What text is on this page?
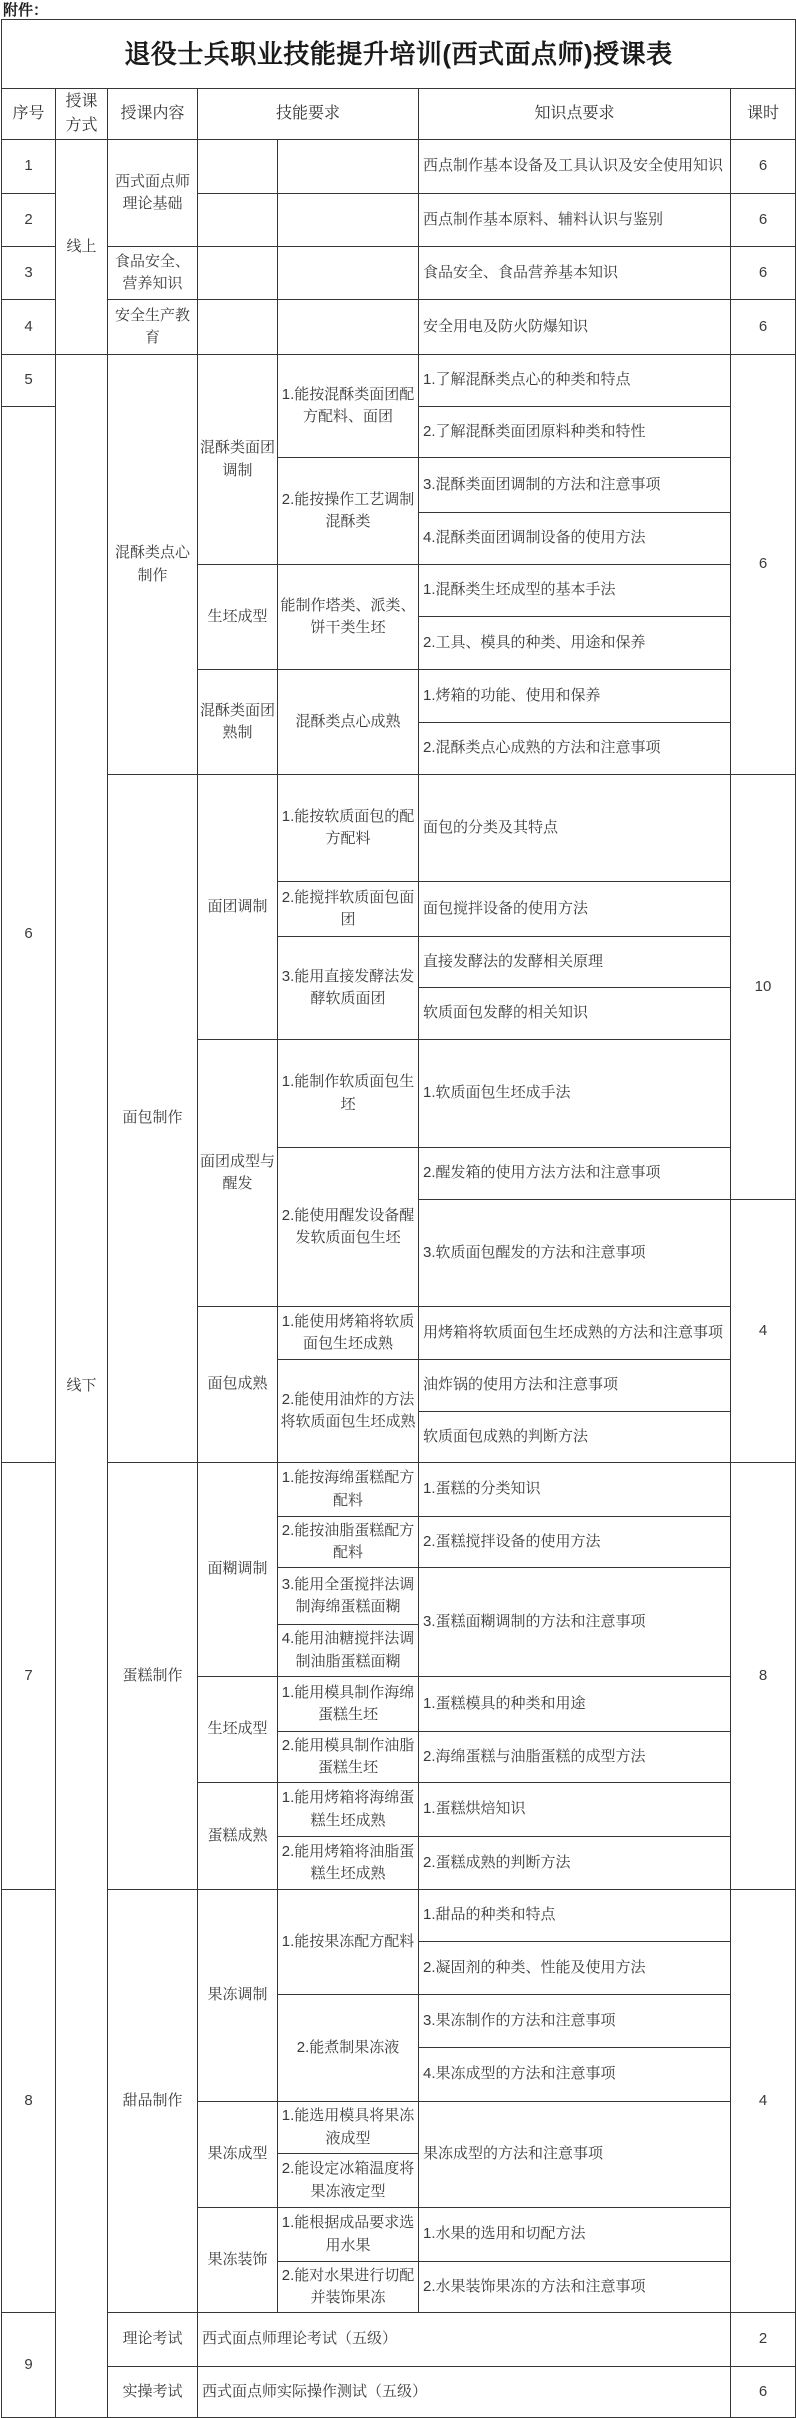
附件：
退役士兵职业技能提升培训(西式面点师)授课表						
序号	授课方式	授课内容	技能要求		知识点要求	课时
1	线上	西式面点师理论基础			西点制作基本设备及工具认识及安全使用知识	6
2					西点制作基本原料、辅料认识与鉴别	6
3		食品安全、营养知识			食品安全、食品营养基本知识	6
4		安全生产教育			安全用电及防火防爆知识	6
5	线下	混酥类点心制作	混酥类面团调制	1.能按混酥类面团配方配料、面团	1.了解混酥类点心的种类和特点	6
6					2.了解混酥类面团原料种类和特性	
				2.能按操作工艺调制混酥类	3.混酥类面团调制的方法和注意事项	
					4.混酥类面团调制设备的使用方法	
			生坯成型	能制作塔类、派类、饼干类生坯	1.混酥类生坯成型的基本手法	
					2.工具、模具的种类、用途和保养	
			混酥类面团熟制	混酥类点心成熟	1.烤箱的功能、使用和保养	
					2.混酥类点心成熟的方法和注意事项	
		面包制作	面团调制	1.能按软质面包的配方配料	面包的分类及其特点	10
				2.能搅拌软质面包面团	面包搅拌设备的使用方法	
				3.能用直接发酵法发酵软质面团	直接发酵法的发酵相关原理	
					软质面包发酵的相关知识	
			面团成型与醒发	1.能制作软质面包生坯	1.软质面包生坯成手法	
				2.能使用醒发设备醒发软质面包生坯	2.醒发箱的使用方法方法和注意事项	
					3.软质面包醒发的方法和注意事项	4
			面包成熟	1.能使用烤箱将软质面包生坯成熟	用烤箱将软质面包生坯成熟的方法和注意事项	
				2.能使用油炸的方法将软质面包生坯成熟	油炸锅的使用方法和注意事项	
					软质面包成熟的判断方法	
7		蛋糕制作	面糊调制	1.能按海绵蛋糕配方配料	1.蛋糕的分类知识	8
				2.能按油脂蛋糕配方配料	2.蛋糕搅拌设备的使用方法	
				3.能用全蛋搅拌法调制海绵蛋糕面糊	3.蛋糕面糊调制的方法和注意事项	
				4.能用油糖搅拌法调制油脂蛋糕面糊		
			生坯成型	1.能用模具制作海绵蛋糕生坯	1.蛋糕模具的种类和用途	
				2.能用模具制作油脂蛋糕生坯	2.海绵蛋糕与油脂蛋糕的成型方法	
			蛋糕成熟	1.能用烤箱将海绵蛋糕生坯成熟	1.蛋糕烘焙知识	
				2.能用烤箱将油脂蛋糕生坯成熟	2.蛋糕成熟的判断方法	
8		甜品制作	果冻调制	1.能按果冻配方配料	1.甜品的种类和特点	4
					2.凝固剂的种类、性能及使用方法	
				2.能煮制果冻液	3.果冻制作的方法和注意事项	
					4.果冻成型的方法和注意事项	
			果冻成型	1.能选用模具将果冻液成型	果冻成型的方法和注意事项	
				2.能设定冰箱温度将果冻液定型		
			果冻装饰	1.能根据成品要求选用水果	1.水果的选用和切配方法	
				2.能对水果进行切配并装饰果冻	2.水果装饰果冻的方法和注意事项	
9		理论考试	西式面点师理论考试（五级）			2
		实操考试	西式面点师实际操作测试（五级）			6
